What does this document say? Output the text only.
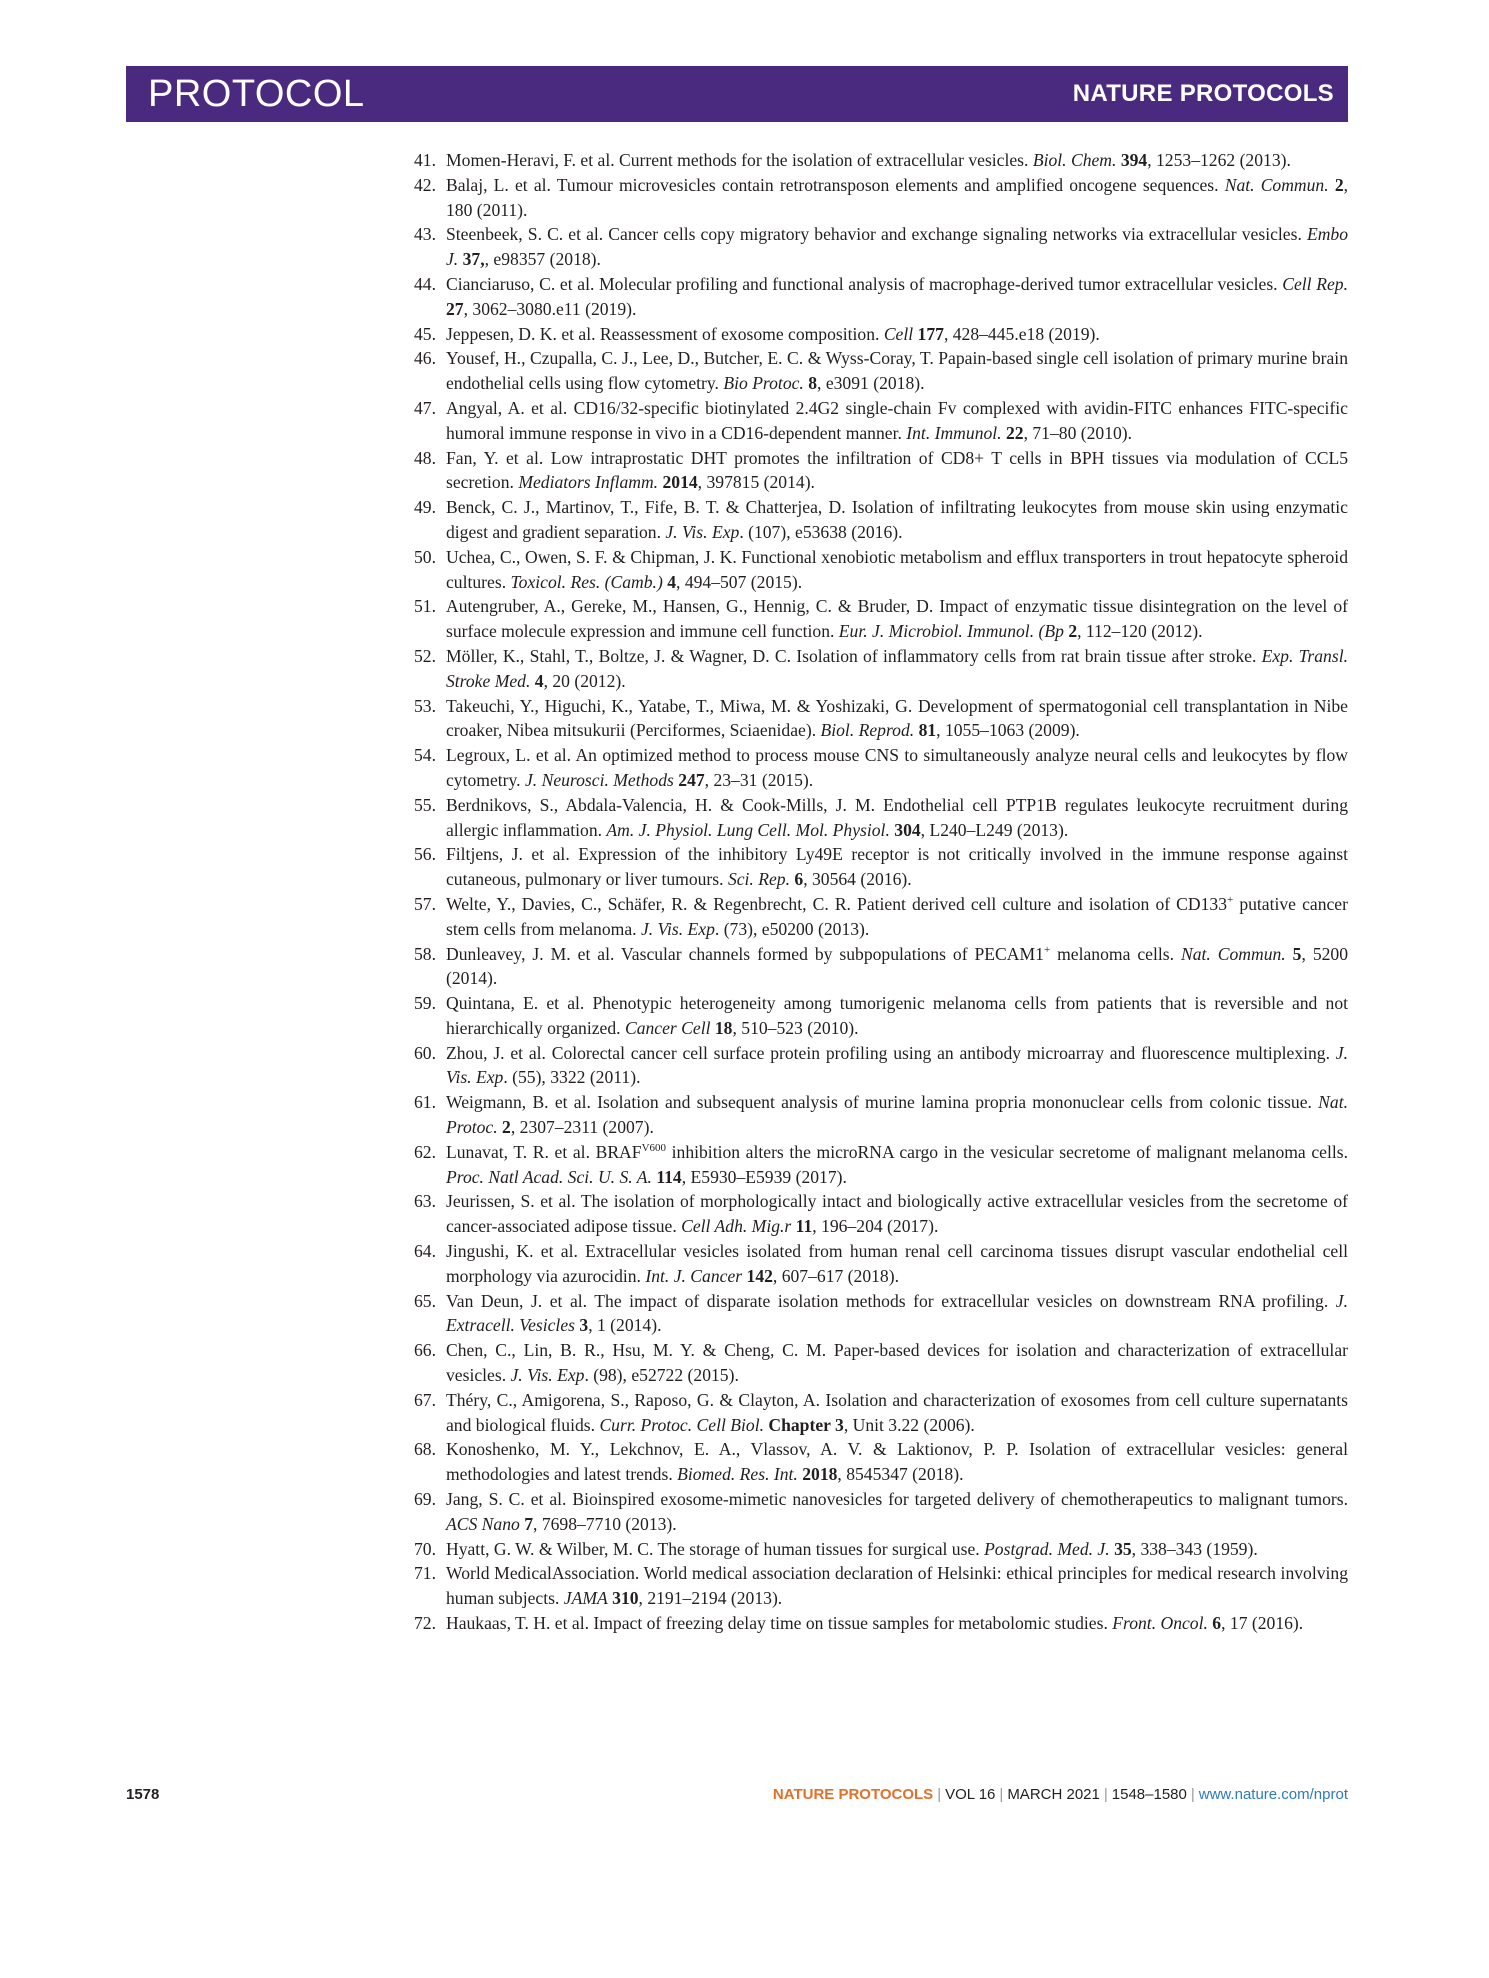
PROTOCOL	NATURE PROTOCOLS
41. Momen-Heravi, F. et al. Current methods for the isolation of extracellular vesicles. Biol. Chem. 394, 1253–1262 (2013).
42. Balaj, L. et al. Tumour microvesicles contain retrotransposon elements and amplified oncogene sequences. Nat. Commun. 2, 180 (2011).
43. Steenbeek, S. C. et al. Cancer cells copy migratory behavior and exchange signaling networks via extracellular vesicles. Embo J. 37,, e98357 (2018).
44. Cianciaruso, C. et al. Molecular profiling and functional analysis of macrophage-derived tumor extracellular vesicles. Cell Rep. 27, 3062–3080.e11 (2019).
45. Jeppesen, D. K. et al. Reassessment of exosome composition. Cell 177, 428–445.e18 (2019).
46. Yousef, H., Czupalla, C. J., Lee, D., Butcher, E. C. & Wyss-Coray, T. Papain-based single cell isolation of primary murine brain endothelial cells using flow cytometry. Bio Protoc. 8, e3091 (2018).
47. Angyal, A. et al. CD16/32-specific biotinylated 2.4G2 single-chain Fv complexed with avidin-FITC enhances FITC-specific humoral immune response in vivo in a CD16-dependent manner. Int. Immunol. 22, 71–80 (2010).
48. Fan, Y. et al. Low intraprostatic DHT promotes the infiltration of CD8+ T cells in BPH tissues via modulation of CCL5 secretion. Mediators Inflamm. 2014, 397815 (2014).
49. Benck, C. J., Martinov, T., Fife, B. T. & Chatterjea, D. Isolation of infiltrating leukocytes from mouse skin using enzymatic digest and gradient separation. J. Vis. Exp. (107), e53638 (2016).
50. Uchea, C., Owen, S. F. & Chipman, J. K. Functional xenobiotic metabolism and efflux transporters in trout hepatocyte spheroid cultures. Toxicol. Res. (Camb.) 4, 494–507 (2015).
51. Autengruber, A., Gereke, M., Hansen, G., Hennig, C. & Bruder, D. Impact of enzymatic tissue disintegration on the level of surface molecule expression and immune cell function. Eur. J. Microbiol. Immunol. (Bp 2, 112–120 (2012).
52. Möller, K., Stahl, T., Boltze, J. & Wagner, D. C. Isolation of inflammatory cells from rat brain tissue after stroke. Exp. Transl. Stroke Med. 4, 20 (2012).
53. Takeuchi, Y., Higuchi, K., Yatabe, T., Miwa, M. & Yoshizaki, G. Development of spermatogonial cell transplantation in Nibe croaker, Nibea mitsukurii (Perciformes, Sciaenidae). Biol. Reprod. 81, 1055–1063 (2009).
54. Legroux, L. et al. An optimized method to process mouse CNS to simultaneously analyze neural cells and leukocytes by flow cytometry. J. Neurosci. Methods 247, 23–31 (2015).
55. Berdnikovs, S., Abdala-Valencia, H. & Cook-Mills, J. M. Endothelial cell PTP1B regulates leukocyte recruitment during allergic inflammation. Am. J. Physiol. Lung Cell. Mol. Physiol. 304, L240–L249 (2013).
56. Filtjens, J. et al. Expression of the inhibitory Ly49E receptor is not critically involved in the immune response against cutaneous, pulmonary or liver tumours. Sci. Rep. 6, 30564 (2016).
57. Welte, Y., Davies, C., Schäfer, R. & Regenbrecht, C. R. Patient derived cell culture and isolation of CD133+ putative cancer stem cells from melanoma. J. Vis. Exp. (73), e50200 (2013).
58. Dunleavey, J. M. et al. Vascular channels formed by subpopulations of PECAM1+ melanoma cells. Nat. Commun. 5, 5200 (2014).
59. Quintana, E. et al. Phenotypic heterogeneity among tumorigenic melanoma cells from patients that is reversible and not hierarchically organized. Cancer Cell 18, 510–523 (2010).
60. Zhou, J. et al. Colorectal cancer cell surface protein profiling using an antibody microarray and fluorescence multiplexing. J. Vis. Exp. (55), 3322 (2011).
61. Weigmann, B. et al. Isolation and subsequent analysis of murine lamina propria mononuclear cells from colonic tissue. Nat. Protoc. 2, 2307–2311 (2007).
62. Lunavat, T. R. et al. $BRAF^{V600}$ inhibition alters the microRNA cargo in the vesicular secretome of malignant melanoma cells. Proc. Natl Acad. Sci. U. S. A. 114, E5930–E5939 (2017).
63. Jeurissen, S. et al. The isolation of morphologically intact and biologically active extracellular vesicles from the secretome of cancer-associated adipose tissue. Cell Adh. Mig.r 11, 196–204 (2017).
64. Jingushi, K. et al. Extracellular vesicles isolated from human renal cell carcinoma tissues disrupt vascular endothelial cell morphology via azurocidin. Int. J. Cancer 142, 607–617 (2018).
65. Van Deun, J. et al. The impact of disparate isolation methods for extracellular vesicles on downstream RNA profiling. J. Extracell. Vesicles 3, 1 (2014).
66. Chen, C., Lin, B. R., Hsu, M. Y. & Cheng, C. M. Paper-based devices for isolation and characterization of extracellular vesicles. J. Vis. Exp. (98), e52722 (2015).
67. Théry, C., Amigorena, S., Raposo, G. & Clayton, A. Isolation and characterization of exosomes from cell culture supernatants and biological fluids. Curr. Protoc. Cell Biol. Chapter 3, Unit 3.22 (2006).
68. Konoshenko, M. Y., Lekchnov, E. A., Vlassov, A. V. & Laktionov, P. P. Isolation of extracellular vesicles: general methodologies and latest trends. Biomed. Res. Int. 2018, 8545347 (2018).
69. Jang, S. C. et al. Bioinspired exosome-mimetic nanovesicles for targeted delivery of chemotherapeutics to malignant tumors. ACS Nano 7, 7698–7710 (2013).
70. Hyatt, G. W. & Wilber, M. C. The storage of human tissues for surgical use. Postgrad. Med. J. 35, 338–343 (1959).
71. World MedicalAssociation. World medical association declaration of Helsinki: ethical principles for medical research involving human subjects. JAMA 310, 2191–2194 (2013).
72. Haukaas, T. H. et al. Impact of freezing delay time on tissue samples for metabolomic studies. Front. Oncol. 6, 17 (2016).
1578	NATURE PROTOCOLS | VOL 16 | MARCH 2021 | 1548–1580 | www.nature.com/nprot
